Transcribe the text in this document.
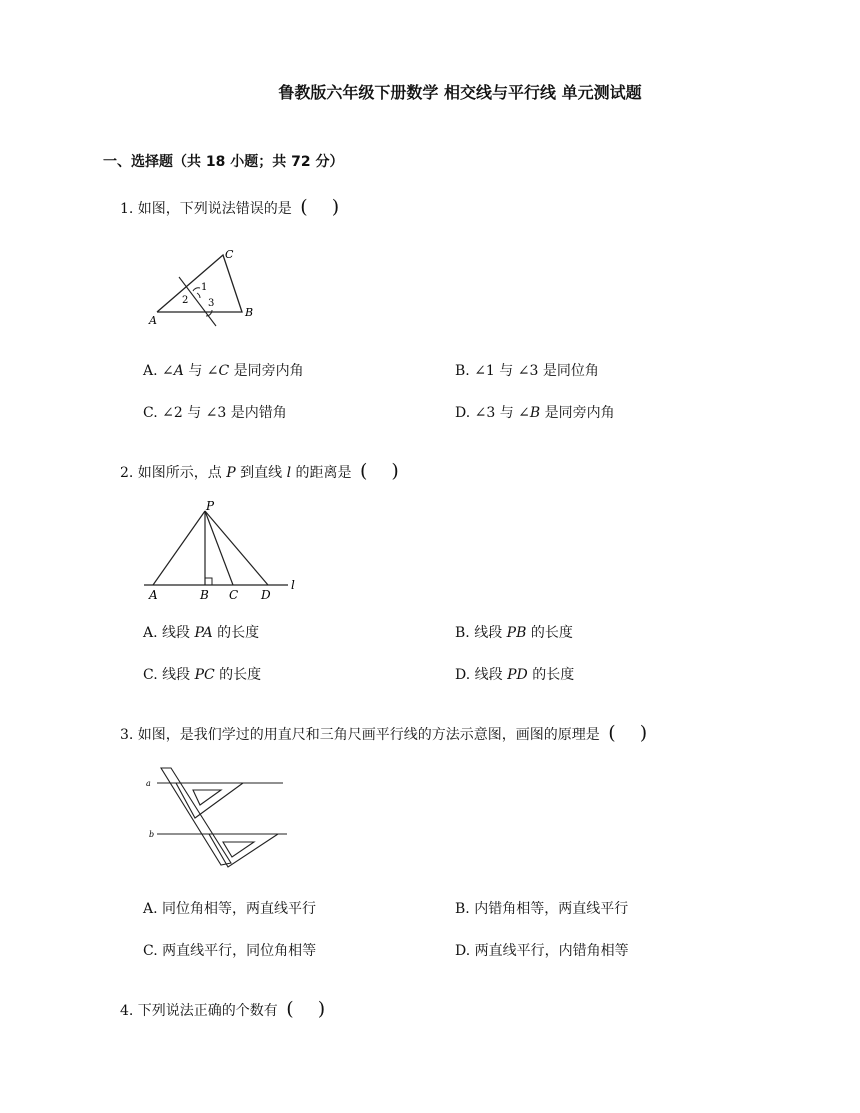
鲁教版六年级下册数学 相交线与平行线 单元测试题
一、选择题（共 18 小题；共 72 分）
1. 如图，下列说法错误的是 ( )
C
A
B
1
2 3
A. ∠A 与 ∠C 是同旁内角	B. ∠1 与 ∠3 是同位角
C. ∠2 与 ∠3 是内错角	D. ∠3 与 ∠B 是同旁内角
2. 如图所示，点 P 到直线 l 的距离是 ( )
P
A	B C D
l
A. 线段 PA 的长度	B. 线段 PB 的长度
C. 线段 PC 的长度	D. 线段 PD 的长度
3. 如图，是我们学过的用直尺和三角尺画平行线的方法示意图，画图的原理是 ( )
a
b
A. 同位角相等，两直线平行	B. 内错角相等，两直线平行
C. 两直线平行，同位角相等	D. 两直线平行，内错角相等
4. 下列说法正确的个数有 ( )
